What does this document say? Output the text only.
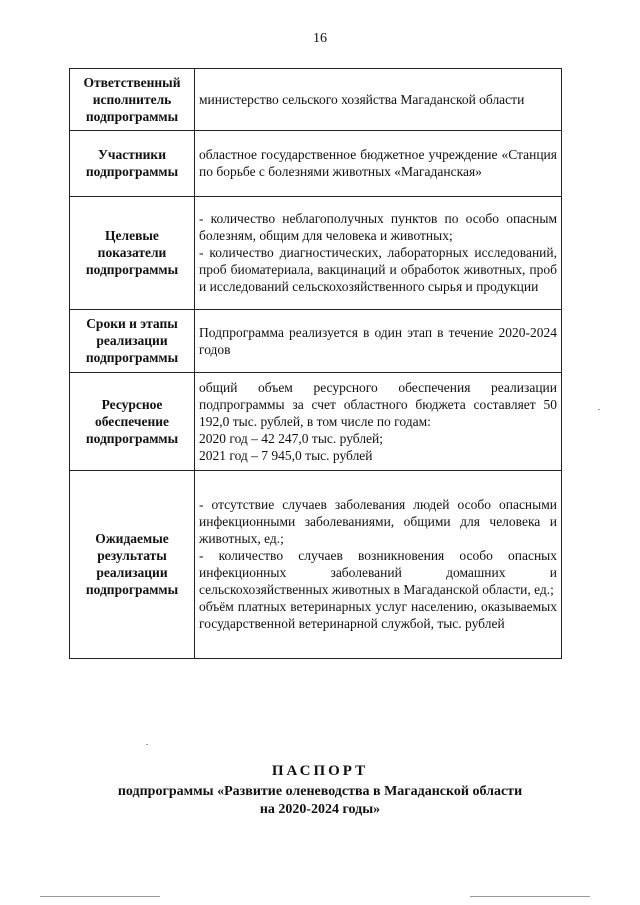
16
Ответственный исполнитель подпрограммы	министерство сельского хозяйства Магаданской области

Участники подпрограммы	областное государственное бюджетное учреждение «Станция по борьбе с болезнями животных «Магаданская»

Целевые показатели подпрограммы	- количество неблагополучных пунктов по особо опасным болезням, общим для человека и животных;
- количество диагностических, лабораторных исследований, проб биоматериала, вакцинаций и обработок животных, проб и исследований сельскохозяйственного сырья и продукции

Сроки и этапы реализации подпрограммы	Подпрограмма реализуется в один этап в течение 2020-2024 годов

Ресурсное обеспечение подпрограммы	общий объем ресурсного обеспечения реализации подпрограммы за счет областного бюджета составляет 50 192,0 тыс. рублей, в том числе по годам:
2020 год – 42 247,0 тыс. рублей;
2021 год – 7 945,0 тыс. рублей

Ожидаемые результаты реализации подпрограммы	- отсутствие случаев заболевания людей особо опасными инфекционными заболеваниями, общими для человека и животных, ед.;
- количество случаев возникновения особо опасных инфекционных заболеваний домашних и сельскохозяйственных животных в Магаданской области, ед.;
объём платных ветеринарных услуг населению, оказываемых государственной ветеринарной службой, тыс. рублей
ПАСПОРТ
подпрограммы «Развитие оленеводства в Магаданской области
на 2020-2024 годы»
